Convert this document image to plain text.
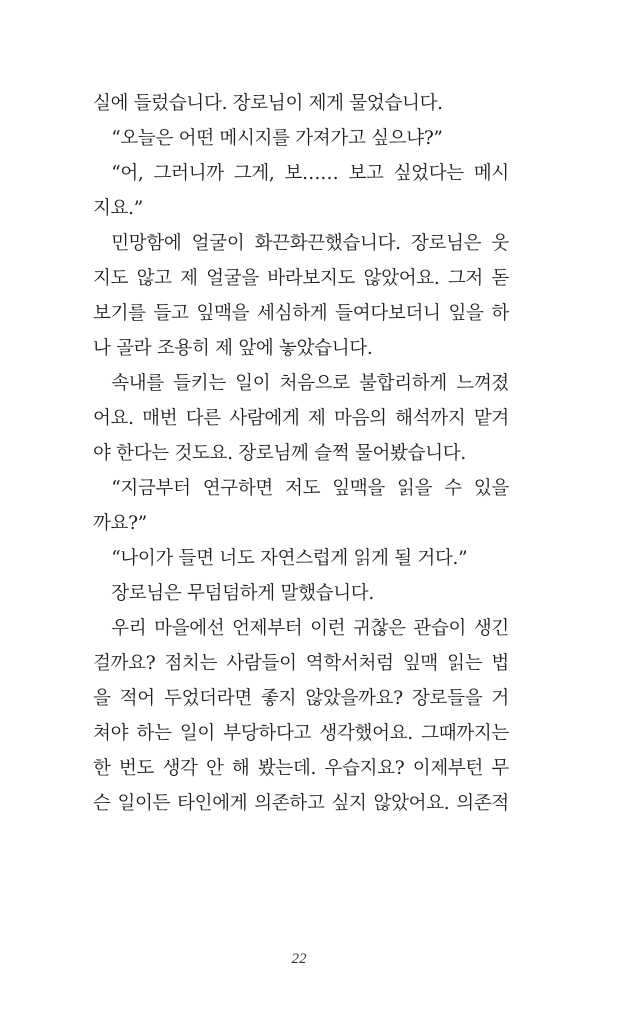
실에 들렀습니다. 장로님이 제게 물었습니다.
 “오늘은 어떤 메시지를 가져가고 싶으냐?”
 “어, 그러니까 그게, 보…… 보고 싶었다는 메시
지요.”
 민망함에 얼굴이 화끈화끈했습니다. 장로님은 웃
지도 않고 제 얼굴을 바라보지도 않았어요. 그저 돋
보기를 들고 잎맥을 세심하게 들여다보더니 잎을 하
나 골라 조용히 제 앞에 놓았습니다.
 속내를 들키는 일이 처음으로 불합리하게 느껴졌
어요. 매번 다른 사람에게 제 마음의 해석까지 맡겨
야 한다는 것도요. 장로님께 슬쩍 물어봤습니다.
 “지금부터 연구하면 저도 잎맥을 읽을 수 있을
까요?”
 “나이가 들면 너도 자연스럽게 읽게 될 거다.”
 장로님은 무덤덤하게 말했습니다.
 우리 마을에선 언제부터 이런 귀찮은 관습이 생긴
걸까요? 점치는 사람들이 역학서처럼 잎맥 읽는 법
을 적어 두었더라면 좋지 않았을까요? 장로들을 거
쳐야 하는 일이 부당하다고 생각했어요. 그때까지는
한 번도 생각 안 해 봤는데. 우습지요? 이제부턴 무
슨 일이든 타인에게 의존하고 싶지 않았어요. 의존적
22
